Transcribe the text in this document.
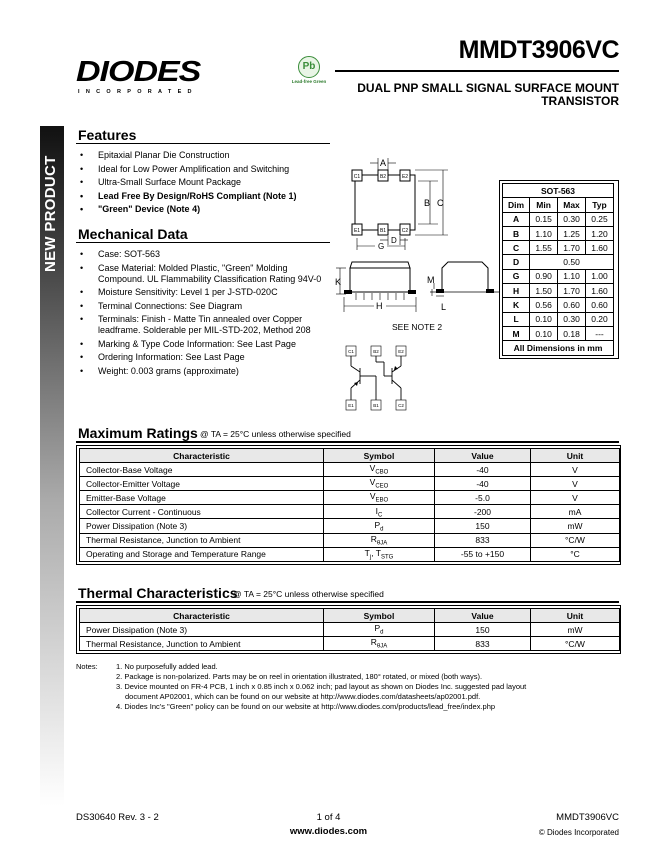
DIODES
INCORPORATED
Pb
Lead-free Green
MMDT3906VC
DUAL PNP SMALL SIGNAL SURFACE MOUNT
TRANSISTOR
NEW PRODUCT
Features
• Epitaxial Planar Die Construction
• Ideal for Low Power Amplification and Switching
• Ultra-Small Surface Mount Package
• Lead Free By Design/RoHS Compliant (Note 1)
• "Green" Device (Note 4)
Mechanical Data
• Case: SOT-563
• Case Material: Molded Plastic, "Green" Molding Compound. UL Flammability Classification Rating 94V-0
• Moisture Sensitivity: Level 1 per J-STD-020C
• Terminal Connections: See Diagram
• Terminals: Finish - Matte Tin annealed over Copper leadframe. Solderable per MIL-STD-202, Method 208
• Marking & Type Code Information: See Last Page
• Ordering Information: See Last Page
• Weight: 0.003 grams (approximate)
C1	B2	E2
E1	B1	C2
A
B C
D
G
K
H
M
L
SEE NOTE 2
C1	B2	E2
E1	B1	C2
SOT-563			
Dim	Min	Max	Typ
A	0.15	0.30	0.25
B	1.10	1.25	1.20
C	1.55	1.70	1.60
D	0.50		
G	0.90	1.10	1.00
H	1.50	1.70	1.60
K	0.56	0.60	0.60
L	0.10	0.30	0.20
M	0.10	0.18	---
All Dimensions in mm			
Maximum Ratings @ TA = 25°C unless otherwise specified
Characteristic	Symbol	Value	Unit
Collector-Base Voltage	$V_{CBO}$	-40	V
Collector-Emitter Voltage	$V_{CEO}$	-40	V
Emitter-Base Voltage	$V_{EBO}$	-5.0	V
Collector Current - Continuous	$I_C$	-200	mA
Power Dissipation (Note 3)	$P_d$	150	mW
Thermal Resistance, Junction to Ambient	$R_{\theta JA}$	833	°C/W
Operating and Storage and Temperature Range	$T_j$, $T_{STG}$	-55 to +150	°C
Thermal Characteristics
@ TA = 25°C unless otherwise specified
Characteristic	Symbol	Value	Unit
Power Dissipation (Note 3)	$P_d$	150	mW
Thermal Resistance, Junction to Ambient	$R_{\theta JA}$	833	°C/W
Notes: 1. No purposefully added lead.
2. Package is non-polarized. Parts may be on reel in orientation illustrated, 180° rotated, or mixed (both ways).
3. Device mounted on FR-4 PCB, 1 inch x 0.85 inch x 0.062 inch; pad layout as shown on Diodes Inc. suggested pad layout document AP02001, which can be found on our website at http://www.diodes.com/datasheets/ap02001.pdf.
4. Diodes Inc's "Green" policy can be found on our website at http://www.diodes.com/products/lead_free/index.php
DS30640 Rev. 3 - 2	1 of 4
www.diodes.com
MMDT3906VC
© Diodes Incorporated
